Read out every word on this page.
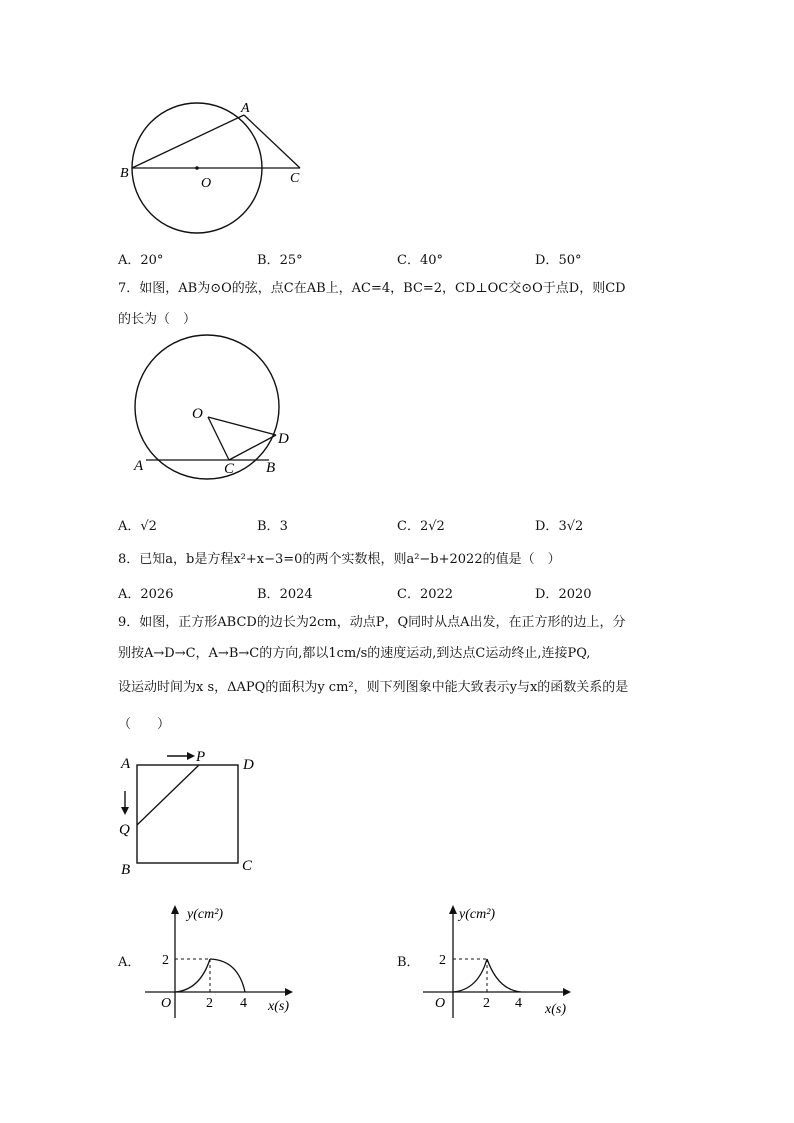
A
B
O	C
A．20°	B．25°	C．40°	D．50°
7．如图，AB为⊙O的弦，点C在AB上，AC=4，BC=2，CD⊥OC交⊙O于点D，则CD
的长为（　）
O
D
A	C B
A．√2	B．3	C．2√2	D．3√2
8．已知a，b是方程x²+x−3=0的两个实数根，则a²−b+2022的值是（　）
A．2026	B．2024	C．2022	D．2020
9．如图，正方形ABCD的边长为2cm，动点P，Q同时从点A出发，在正方形的边上，分
别按A→D→C，A→B→C的方向,都以1cm/s的速度运动,到达点C运动终止,连接PQ,
设运动时间为x s，ΔAPQ的面积为y cm²，则下列图象中能大致表示y与x的函数关系的是
（　　）
A	P	D
Q
B	C
A．
y(cm²)
2
O 2 4 x(s)
B．
y(cm²)
2
O	2 4 x(s)
